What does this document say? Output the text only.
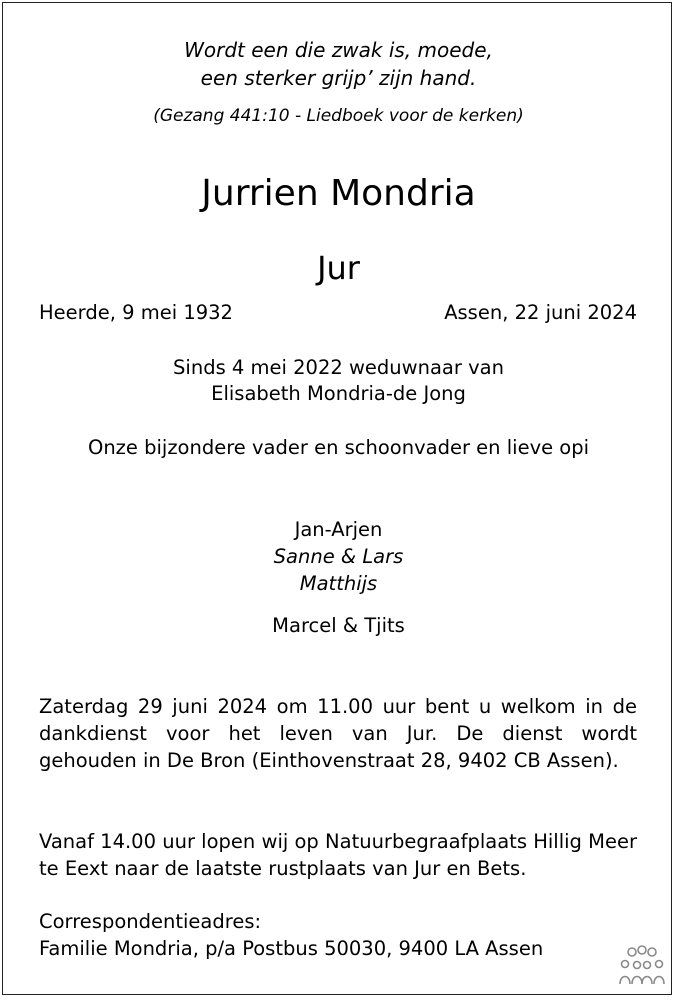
Wordt een die zwak is, moede,
een sterker grijp’ zijn hand.
(Gezang 441:10 - Liedboek voor de kerken)
Jurrien Mondria
Jur
Heerde, 9 mei 1932	Assen, 22 juni 2024
Sinds 4 mei 2022 weduwnaar van
Elisabeth Mondria-de Jong
Onze bijzondere vader en schoonvader en lieve opi
Jan-Arjen
Sanne & Lars
Matthijs
Marcel & Tjits
Zaterdag 29 juni 2024 om 11.00 uur bent u welkom in de dankdienst voor het leven van Jur. De dienst wordt gehouden in De Bron (Einthovenstraat 28, 9402 CB Assen).
Vanaf 14.00 uur lopen wij op Natuurbegraafplaats Hillig Meer te Eext naar de laatste rustplaats van Jur en Bets.
Correspondentieadres:
Familie Mondria, p/a Postbus 50030, 9400 LA Assen
